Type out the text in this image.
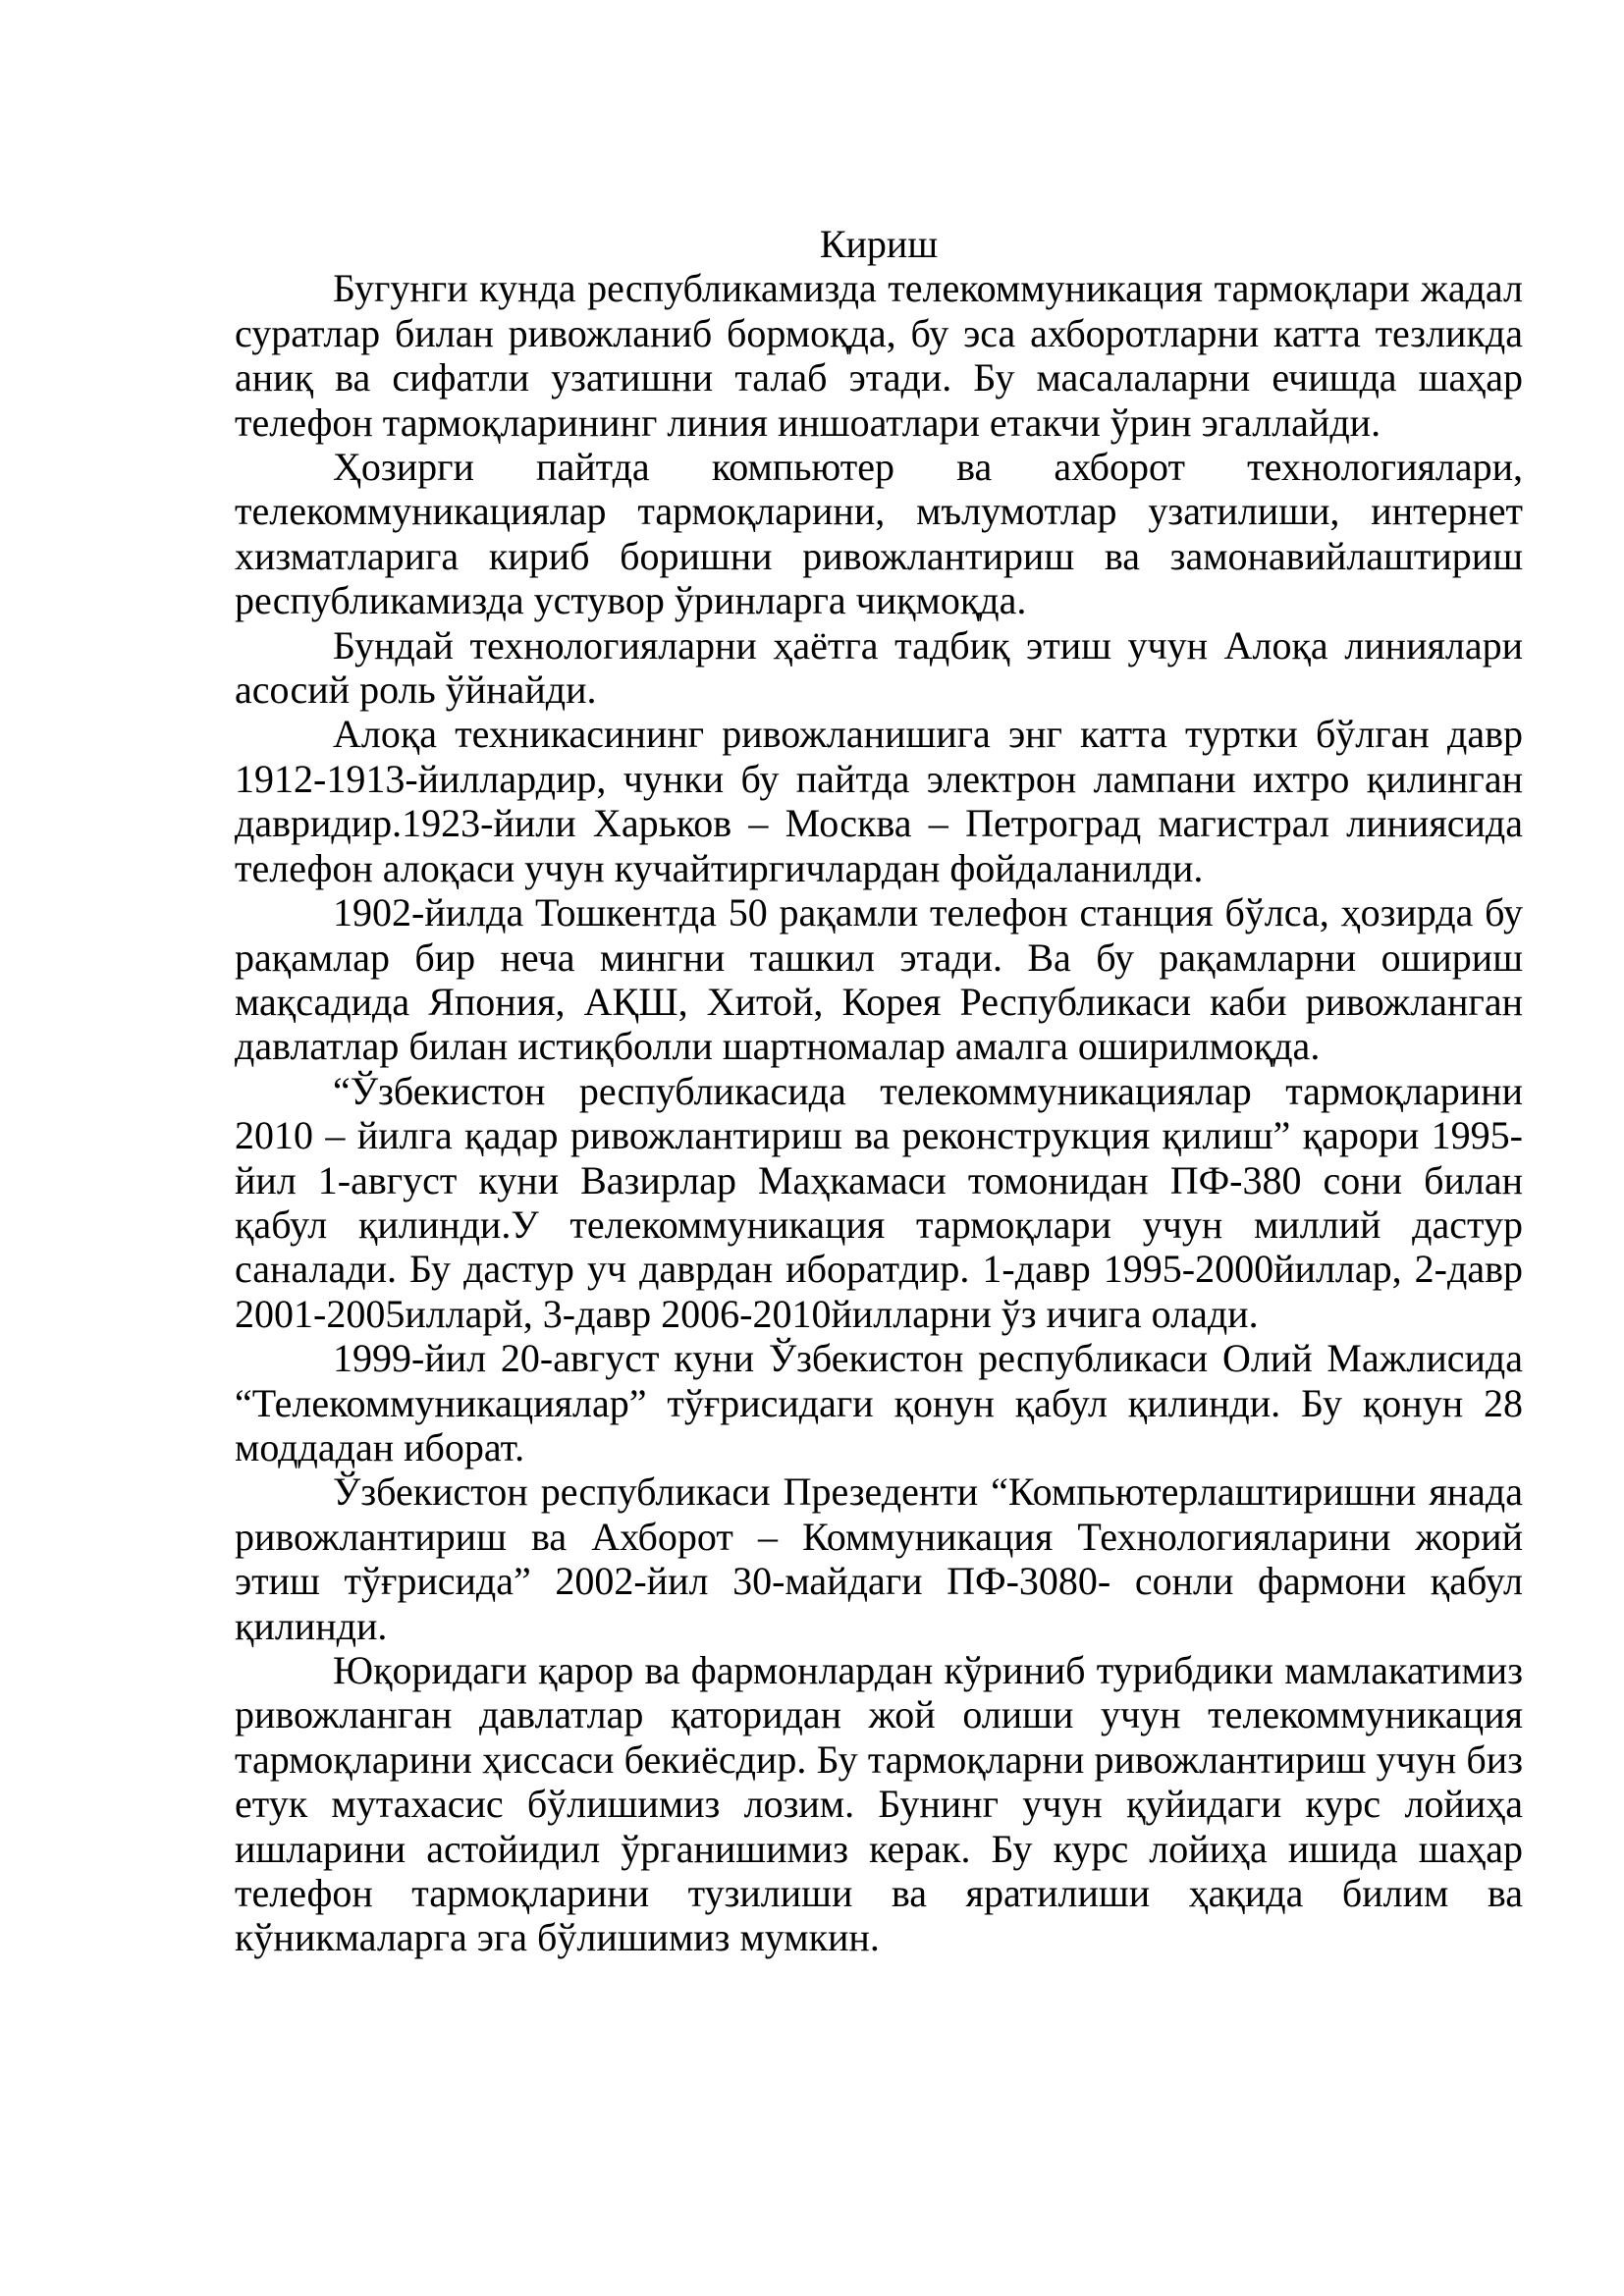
Кириш

Бугунги кунда республикамизда телекоммуникация тармоқлари жадал суратлар билан ривожланиб бормоқда, бу эса ахборотларни катта тезликда аниқ ва сифатли узатишни талаб этади. Бу масалаларни ечишда шаҳар телефон тармоқларининг линия иншоатлари етакчи ўрин эгаллайди.

Ҳозирги пайтда компьютер ва ахборот технологиялари, телекоммуникациялар тармоқларини, мълумотлар узатилиши, интернет хизматларига кириб боришни ривожлантириш ва замонавийлаштириш республикамизда устувор ўринларга чиқмоқда.

Бундай технологияларни ҳаётга тадбиқ этиш учун Алоқа линиялари асосий роль ўйнайди.

Алоқа техникасининг ривожланишига энг катта туртки бўлган давр 1912-1913-йиллардир, чунки бу пайтда электрон лампани ихтро қилинган давридир.1923-йили Харьков – Москва – Петроград магистрал линиясида телефон алоқаси учун кучайтиргичлардан фойдаланилди.

1902-йилда Тошкентда 50 рақамли телефон станция бўлса, ҳозирда бу рақамлар бир неча мингни ташкил этади. Ва бу рақамларни ошириш мақсадида Япония, АҚШ, Хитой, Корея Республикаси каби ривожланган давлатлар билан истиқболли шартномалар амалга оширилмоқда.

“Ўзбекистон республикасида телекоммуникациялар тармоқларини 2010 – йилга қадар ривожлантириш ва реконструкция қилиш” қарори 1995-йил 1-август куни Вазирлар Маҳкамаси томонидан ПФ-380 сони билан қабул қилинди.У телекоммуникация тармоқлари учун миллий дастур саналади. Бу дастур уч даврдан иборатдир. 1-давр 1995-2000йиллар, 2-давр 2001-2005илларй, 3-давр 2006-2010йилларни ўз ичига олади.

1999-йил 20-август куни Ўзбекистон республикаси Олий Мажлисида “Телекоммуникациялар” тўғрисидаги қонун қабул қилинди. Бу қонун 28 моддадан иборат.

Ўзбекистон республикаси Презеденти “Компьютерлаштиришни янада ривожлантириш ва Ахборот – Коммуникация Технологияларини жорий этиш тўғрисида” 2002-йил 30-майдаги ПФ-3080- сонли фармони қабул қилинди.

Юқоридаги қарор ва фармонлардан кўриниб турибдики мамлакатимиз ривожланган давлатлар қаторидан жой олиши учун телекоммуникация тармоқларини ҳиссаси бекиёсдир. Бу тармоқларни ривожлантириш учун биз етук мутахасис бўлишимиз лозим. Бунинг учун қуйидаги курс лойиҳа ишларини астойидил ўрганишимиз керак. Бу курс лойиҳа ишида шаҳар телефон тармоқларини тузилиши ва яратилиши ҳақида билим ва кўникмаларга эга бўлишимиз мумкин.
